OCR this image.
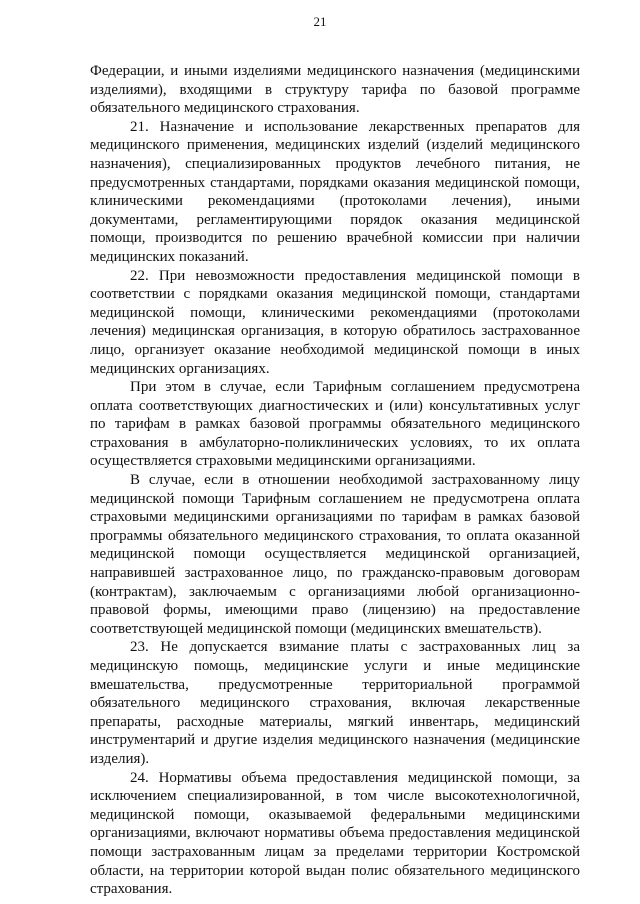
21

Федерации, и иными изделиями медицинского назначения (медицинскими изделиями), входящими в структуру тарифа по базовой программе обязательного медицинского страхования.

21. Назначение и использование лекарственных препаратов для медицинского применения, медицинских изделий (изделий медицинского назначения), специализированных продуктов лечебного питания, не предусмотренных стандартами, порядками оказания медицинской помощи, клиническими рекомендациями (протоколами лечения), иными документами, регламентирующими порядок оказания медицинской помощи, производится по решению врачебной комиссии при наличии медицинских показаний.

22. При невозможности предоставления медицинской помощи в соответствии с порядками оказания медицинской помощи, стандартами медицинской помощи, клиническими рекомендациями (протоколами лечения) медицинская организация, в которую обратилось застрахованное лицо, организует оказание необходимой медицинской помощи в иных медицинских организациях.

При этом в случае, если Тарифным соглашением предусмотрена оплата соответствующих диагностических и (или) консультативных услуг по тарифам в рамках базовой программы обязательного медицинского страхования в амбулаторно-поликлинических условиях, то их оплата осуществляется страховыми медицинскими организациями.

В случае, если в отношении необходимой застрахованному лицу медицинской помощи Тарифным соглашением не предусмотрена оплата страховыми медицинскими организациями по тарифам в рамках базовой программы обязательного медицинского страхования, то оплата оказанной медицинской помощи осуществляется медицинской организацией, направившей застрахованное лицо, по гражданско-правовым договорам (контрактам), заключаемым с организациями любой организационно-правовой формы, имеющими право (лицензию) на предоставление соответствующей медицинской помощи (медицинских вмешательств).

23. Не допускается взимание платы с застрахованных лиц за медицинскую помощь, медицинские услуги и иные медицинские вмешательства, предусмотренные территориальной программой обязательного медицинского страхования, включая лекарственные препараты, расходные материалы, мягкий инвентарь, медицинский инструментарий и другие изделия медицинского назначения (медицинские изделия).

24. Нормативы объема предоставления медицинской помощи, за исключением специализированной, в том числе высокотехнологичной, медицинской помощи, оказываемой федеральными медицинскими организациями, включают нормативы объема предоставления медицинской помощи застрахованным лицам за пределами территории Костромской области, на территории которой выдан полис обязательного медицинского страхования.
